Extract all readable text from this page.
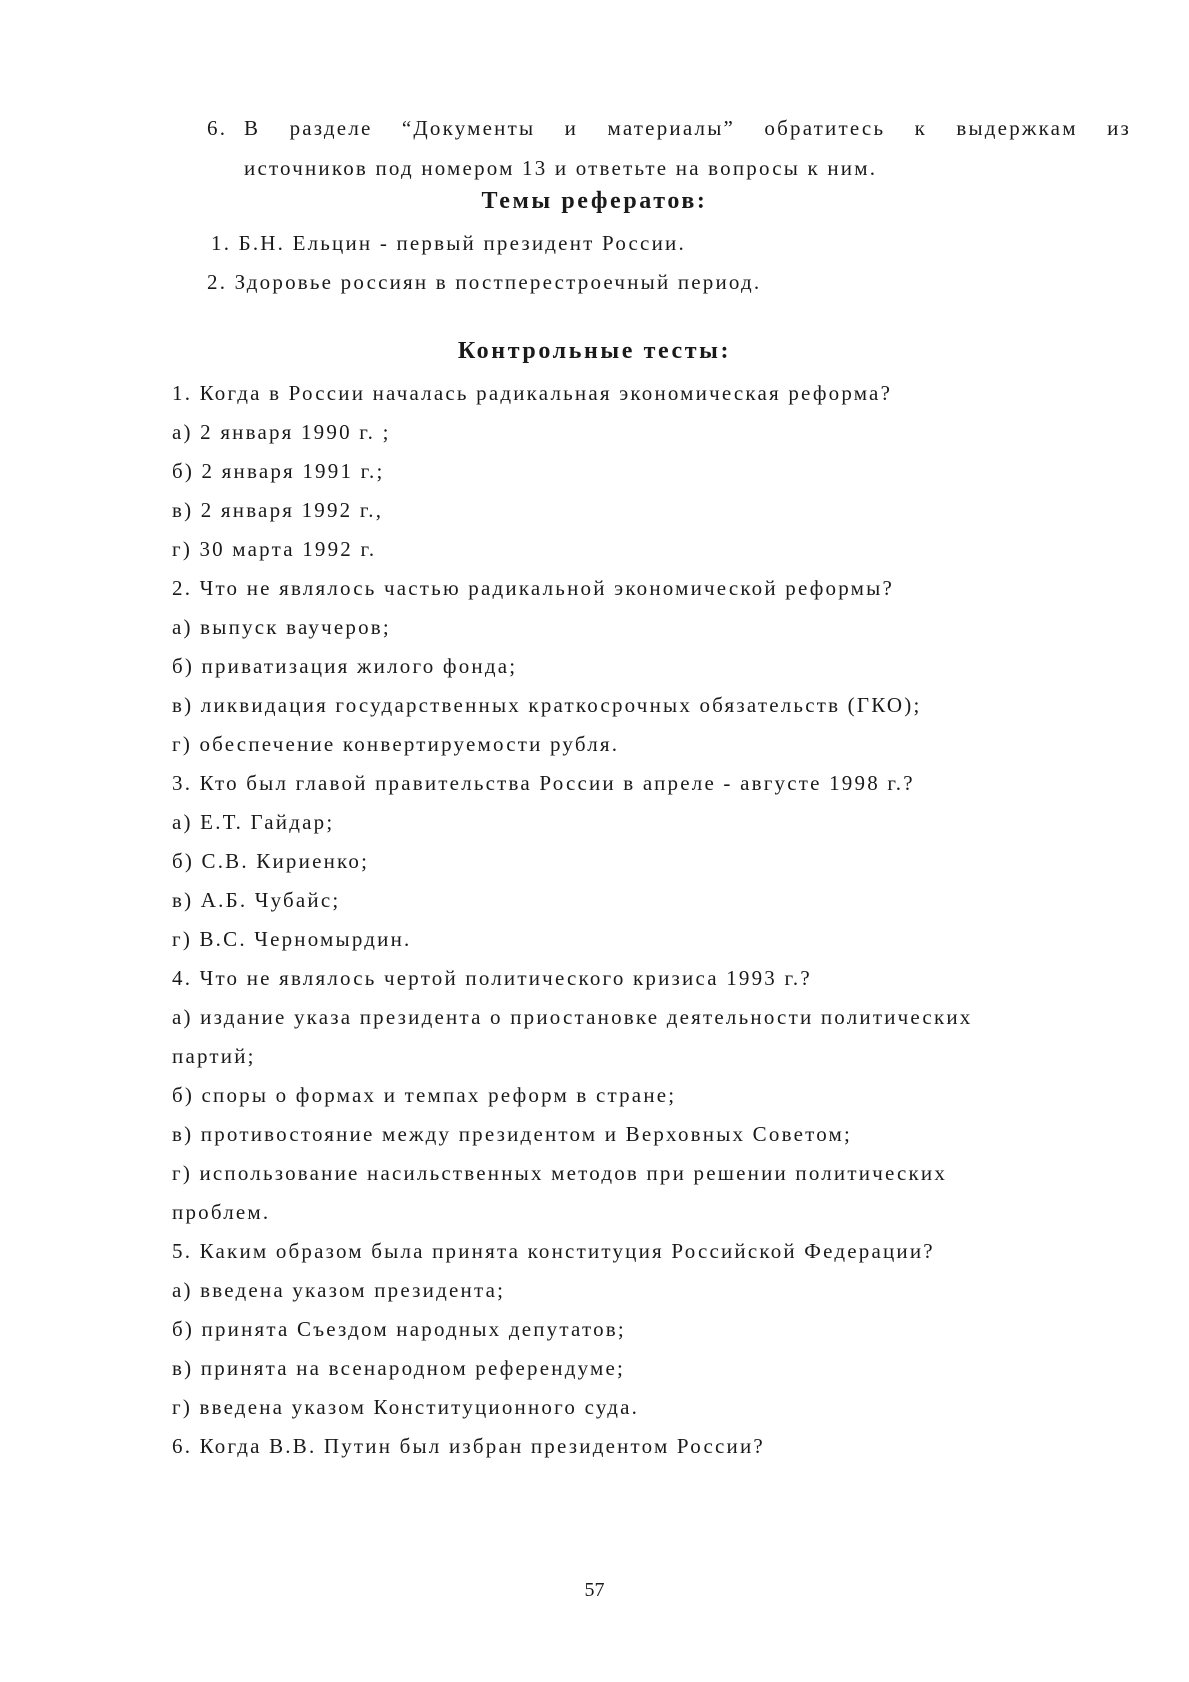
6. В разделе “Документы и материалы” обратитесь к выдержкам из
источников под номером 13 и ответьте на вопросы к ним.
Темы рефератов:
1. Б.Н. Ельцин - первый президент России.
2. Здоровье россиян в постперестроечный период.
Контрольные тесты:
1. Когда в России началась радикальная экономическая реформа?
а) 2 января 1990 г. ;
б) 2 января 1991 г.;
в) 2 января 1992 г.,
г) 30 марта 1992 г.
2. Что не являлось частью радикальной экономической реформы?
а) выпуск ваучеров;
б) приватизация жилого фонда;
в) ликвидация государственных краткосрочных обязательств (ГКО);
г) обеспечение конвертируемости рубля.
3. Кто был главой правительства России в апреле - августе 1998 г.?
а) Е.Т. Гайдар;
б) С.В. Кириенко;
в) А.Б. Чубайс;
г) В.С. Черномырдин.
4. Что не являлось чертой политического кризиса 1993 г.?
а) издание указа президента о приостановке деятельности политических
партий;
б) споры о формах и темпах реформ в стране;
в) противостояние между президентом и Верховных Советом;
г) использование насильственных методов при решении политических
проблем.
5. Каким образом была принята конституция Российской Федерации?
а) введена указом президента;
б) принята Съездом народных депутатов;
в) принята на всенародном референдуме;
г) введена указом Конституционного суда.
6. Когда В.В. Путин был избран президентом России?
57
